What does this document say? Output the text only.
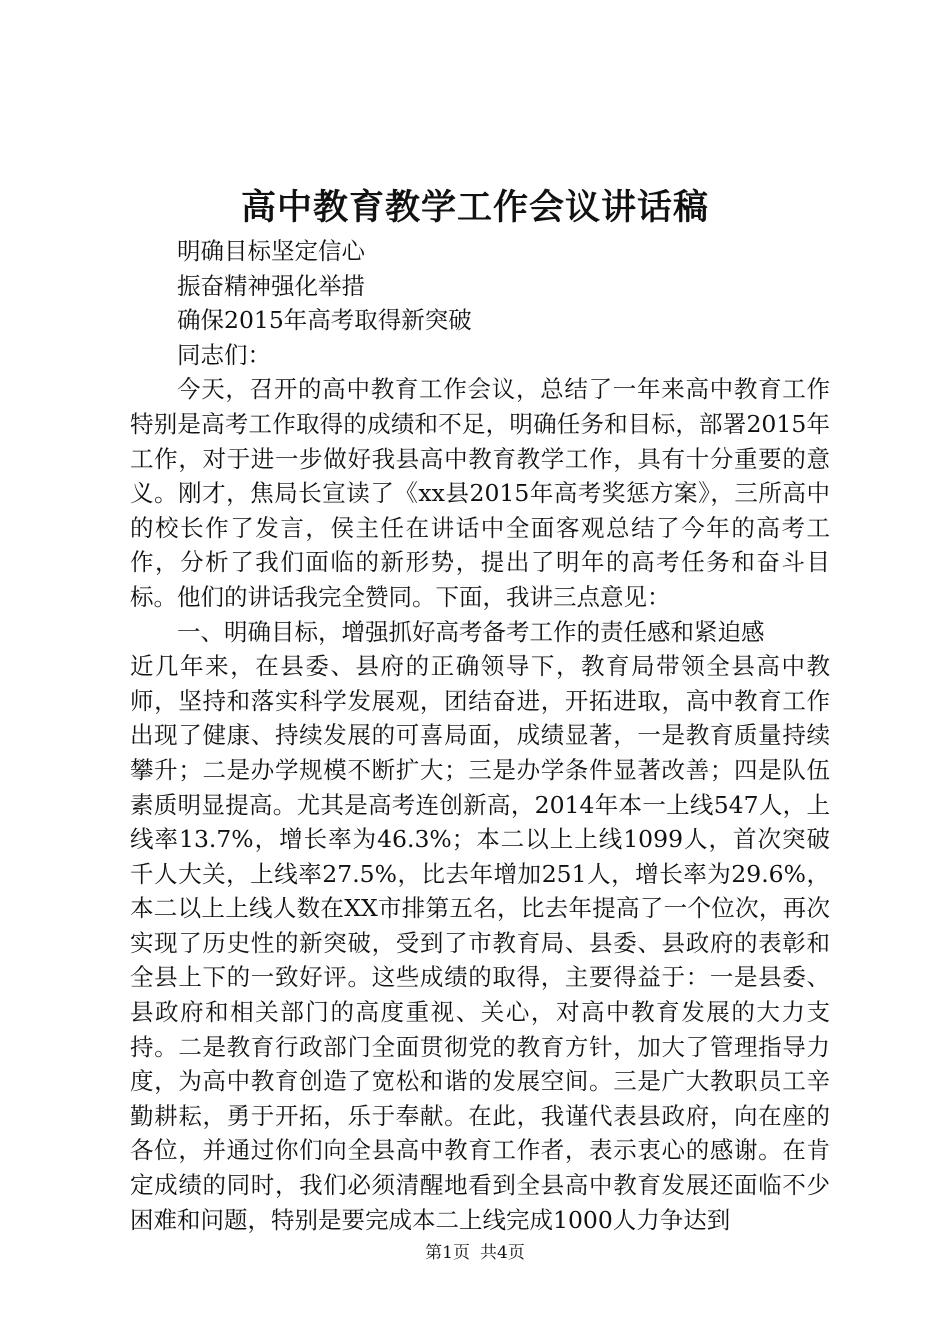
高中教育教学工作会议讲话稿

明确目标坚定信心

振奋精神强化举措

确保2015年高考取得新突破

同志们：

今天，召开的高中教育工作会议，总结了一年来高中教育工作特别是高考工作取得的成绩和不足，明确任务和目标，部署2015年工作，对于进一步做好我县高中教育教学工作，具有十分重要的意义。刚才，焦局长宣读了《xx县2015年高考奖惩方案》，三所高中的校长作了发言，侯主任在讲话中全面客观总结了今年的高考工作，分析了我们面临的新形势，提出了明年的高考任务和奋斗目标。他们的讲话我完全赞同。下面，我讲三点意见：

一、明确目标，增强抓好高考备考工作的责任感和紧迫感

近几年来，在县委、县府的正确领导下，教育局带领全县高中教师，坚持和落实科学发展观，团结奋进，开拓进取，高中教育工作出现了健康、持续发展的可喜局面，成绩显著，一是教育质量持续攀升；二是办学规模不断扩大；三是办学条件显著改善；四是队伍素质明显提高。尤其是高考连创新高，2014年本一上线547人，上线率13.7%，增长率为46.3%；本二以上上线1099人，首次突破千人大关，上线率27.5%，比去年增加251人，增长率为29.6%，本二以上上线人数在XX市排第五名，比去年提高了一个位次，再次实现了历史性的新突破，受到了市教育局、县委、县政府的表彰和全县上下的一致好评。这些成绩的取得，主要得益于：一是县委、县政府和相关部门的高度重视、关心，对高中教育发展的大力支持。二是教育行政部门全面贯彻党的教育方针，加大了管理指导力度，为高中教育创造了宽松和谐的发展空间。三是广大教职员工辛勤耕耘，勇于开拓，乐于奉献。在此，我谨代表县政府，向在座的各位，并通过你们向全县高中教育工作者，表示衷心的感谢。在肯定成绩的同时，我们必须清醒地看到全县高中教育发展还面临不少困难和问题，特别是要完成本二上线完成1000人力争达到

第1页 共4页
